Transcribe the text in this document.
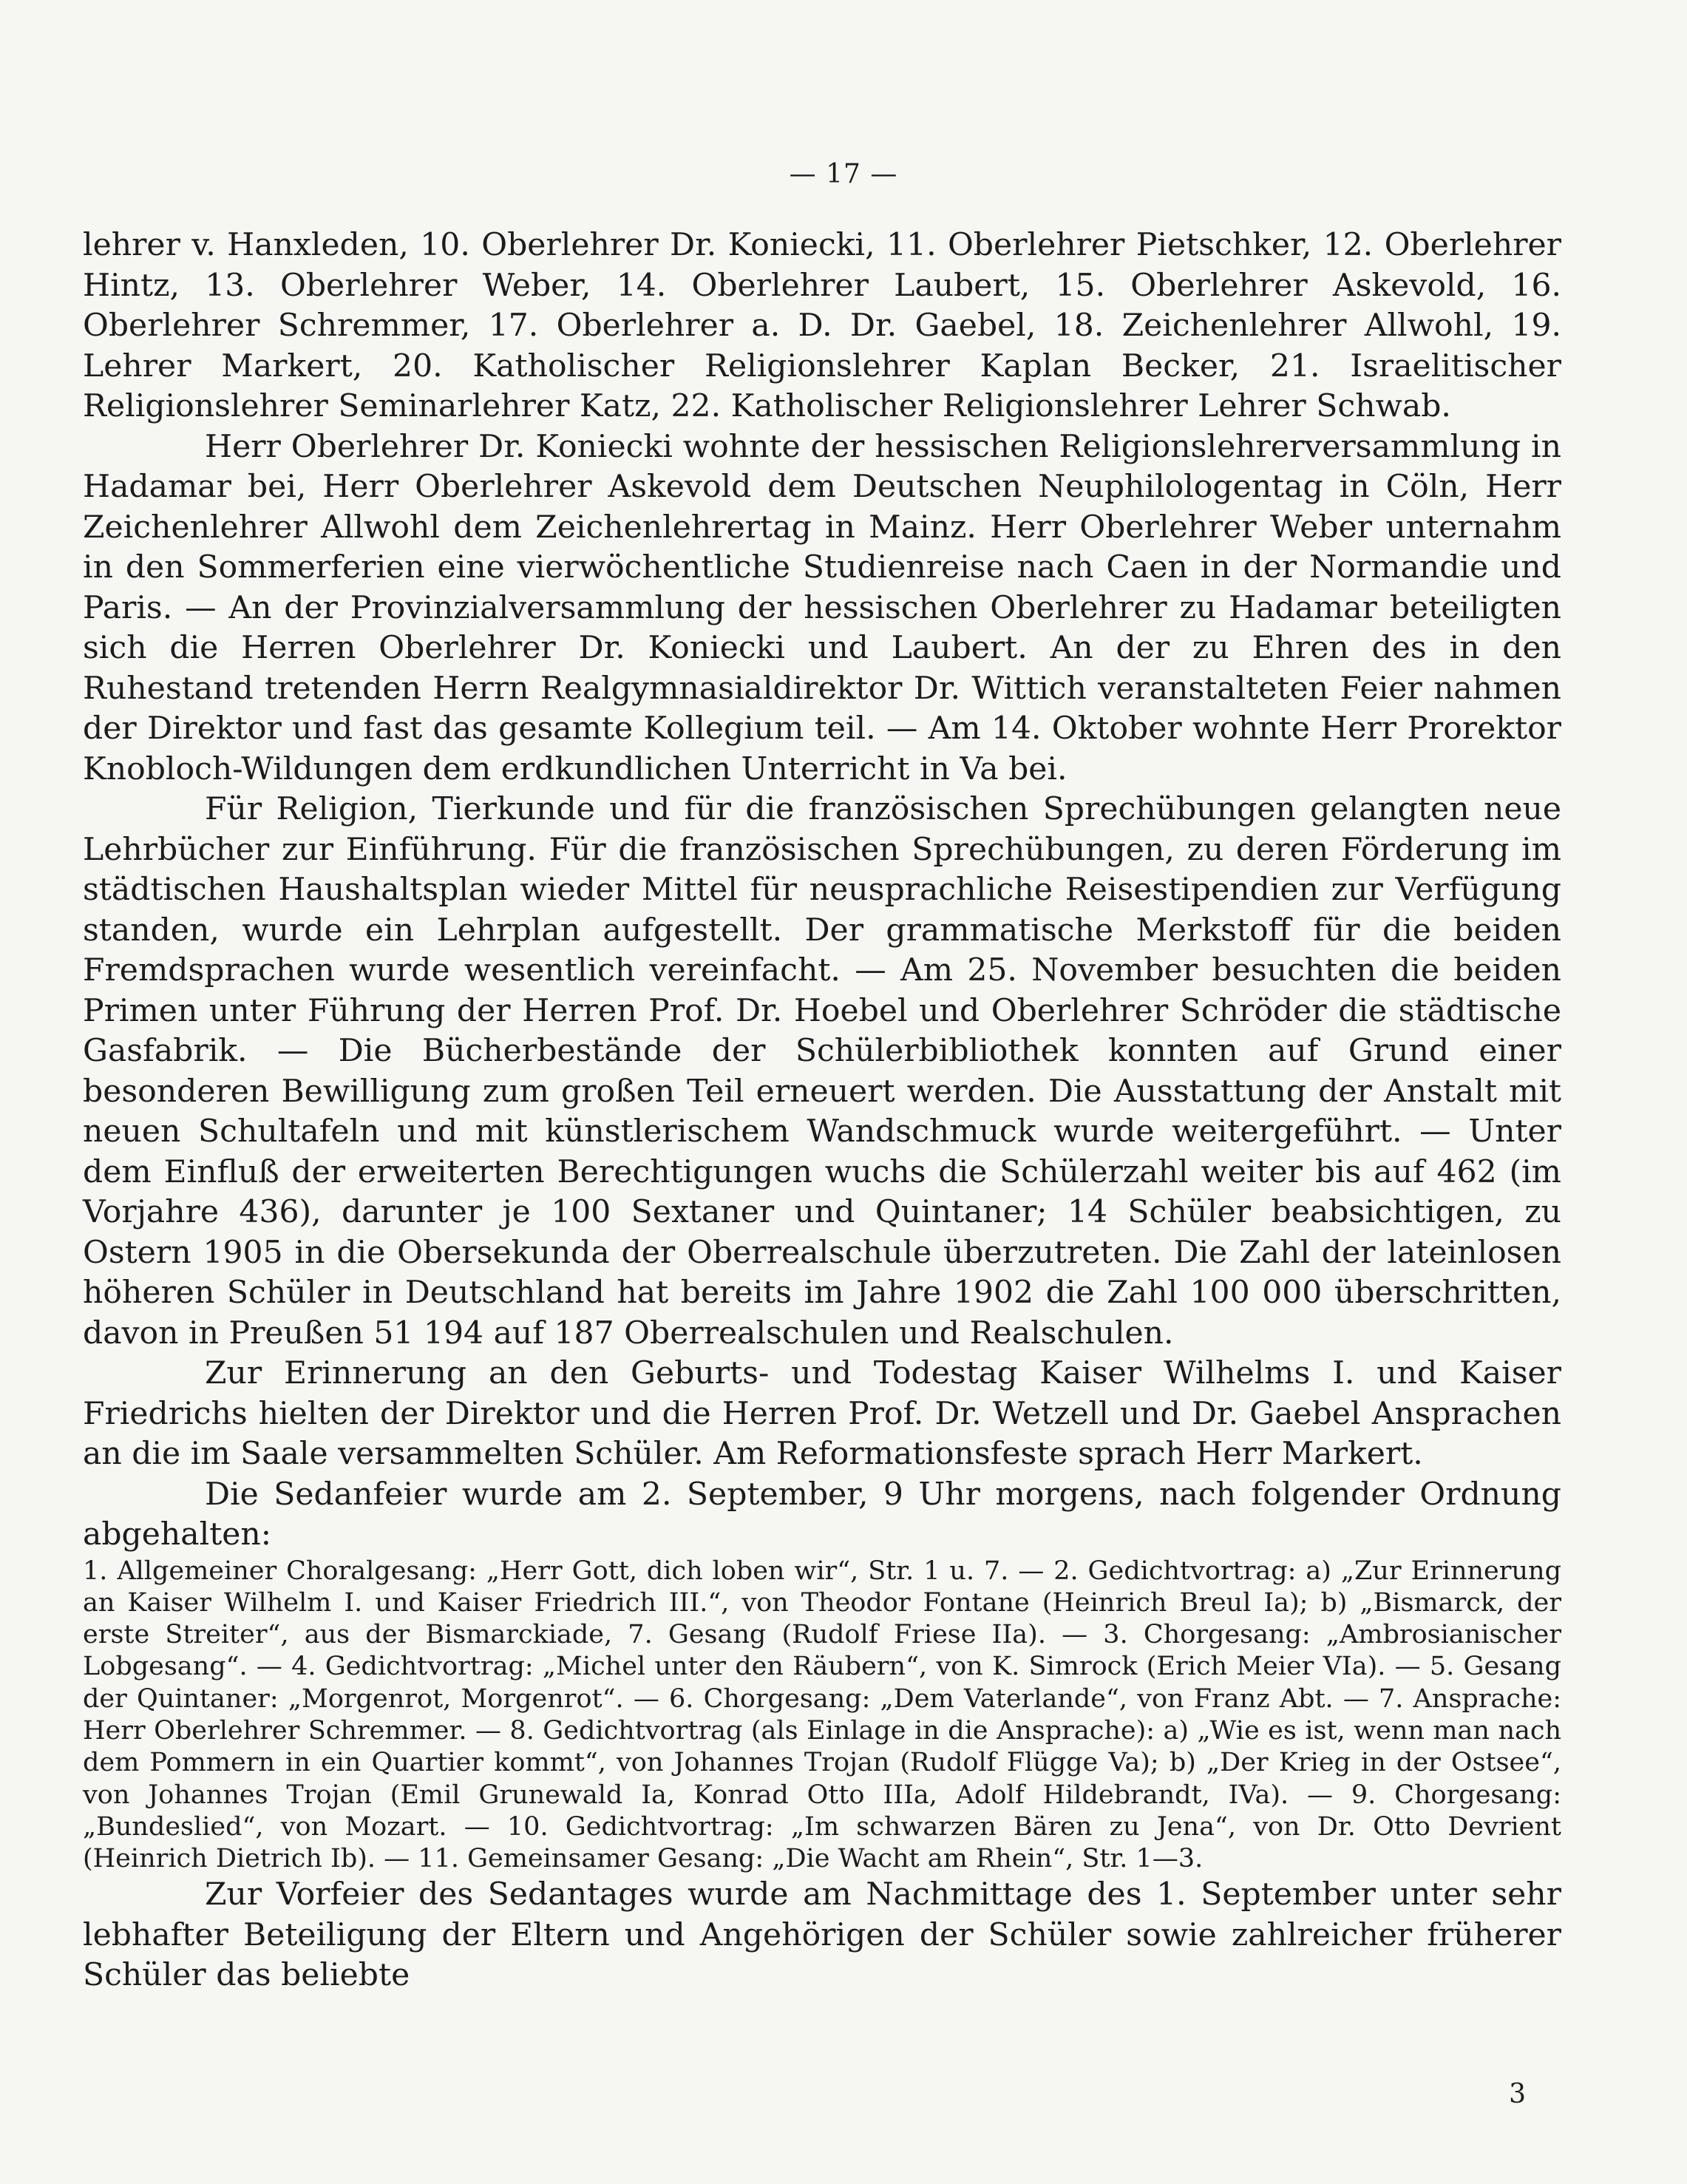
— 17 —

lehrer v. Hanxleden, 10. Oberlehrer Dr. Koniecki, 11. Oberlehrer Pietschker, 12. Oberlehrer Hintz, 13. Oberlehrer Weber, 14. Oberlehrer Laubert, 15. Oberlehrer Askevold, 16. Oberlehrer Schremmer, 17. Oberlehrer a. D. Dr. Gaebel, 18. Zeichenlehrer Allwohl, 19. Lehrer Markert, 20. Katholischer Religionslehrer Kaplan Becker, 21. Israelitischer Religionslehrer Seminarlehrer Katz, 22. Katholischer Religionslehrer Lehrer Schwab.

Herr Oberlehrer Dr. Koniecki wohnte der hessischen Religionslehrerversammlung in Hadamar bei, Herr Oberlehrer Askevold dem Deutschen Neuphilologentag in Cöln, Herr Zeichenlehrer Allwohl dem Zeichenlehrertag in Mainz. Herr Oberlehrer Weber unternahm in den Sommerferien eine vierwöchentliche Studienreise nach Caen in der Normandie und Paris. — An der Provinzialversammlung der hessischen Oberlehrer zu Hadamar beteiligten sich die Herren Oberlehrer Dr. Koniecki und Laubert. An der zu Ehren des in den Ruhestand tretenden Herrn Realgymnasialdirektor Dr. Wittich veranstalteten Feier nahmen der Direktor und fast das gesamte Kollegium teil. — Am 14. Oktober wohnte Herr Prorektor Knobloch-Wildungen dem erdkundlichen Unterricht in Va bei.

Für Religion, Tierkunde und für die französischen Sprechübungen gelangten neue Lehrbücher zur Einführung. Für die französischen Sprechübungen, zu deren Förderung im städtischen Haushaltsplan wieder Mittel für neusprachliche Reisestipendien zur Verfügung standen, wurde ein Lehrplan aufgestellt. Der grammatische Merkstoff für die beiden Fremdsprachen wurde wesentlich vereinfacht. — Am 25. November besuchten die beiden Primen unter Führung der Herren Prof. Dr. Hoebel und Oberlehrer Schröder die städtische Gasfabrik. — Die Bücherbestände der Schülerbibliothek konnten auf Grund einer besonderen Bewilligung zum großen Teil erneuert werden. Die Ausstattung der Anstalt mit neuen Schultafeln und mit künstlerischem Wandschmuck wurde weitergeführt. — Unter dem Einfluß der erweiterten Berechtigungen wuchs die Schülerzahl weiter bis auf 462 (im Vorjahre 436), darunter je 100 Sextaner und Quintaner; 14 Schüler beabsichtigen, zu Ostern 1905 in die Obersekunda der Oberrealschule überzutreten. Die Zahl der lateinlosen höheren Schüler in Deutschland hat bereits im Jahre 1902 die Zahl 100 000 überschritten, davon in Preußen 51 194 auf 187 Oberrealschulen und Realschulen.

Zur Erinnerung an den Geburts- und Todestag Kaiser Wilhelms I. und Kaiser Friedrichs hielten der Direktor und die Herren Prof. Dr. Wetzell und Dr. Gaebel Ansprachen an die im Saale versammelten Schüler. Am Reformationsfeste sprach Herr Markert.

Die Sedanfeier wurde am 2. September, 9 Uhr morgens, nach folgender Ordnung abgehalten:

1. Allgemeiner Choralgesang: „Herr Gott, dich loben wir“, Str. 1 u. 7. — 2. Gedichtvortrag: a) „Zur Erinnerung an Kaiser Wilhelm I. und Kaiser Friedrich III.“, von Theodor Fontane (Heinrich Breul Ia); b) „Bismarck, der erste Streiter“, aus der Bismarckiade, 7. Gesang (Rudolf Friese IIa). — 3. Chorgesang: „Ambrosianischer Lobgesang“. — 4. Gedichtvortrag: „Michel unter den Räubern“, von K. Simrock (Erich Meier VIa). — 5. Gesang der Quintaner: „Morgenrot, Morgenrot“. — 6. Chorgesang: „Dem Vaterlande“, von Franz Abt. — 7. Ansprache: Herr Oberlehrer Schremmer. — 8. Gedichtvortrag (als Einlage in die Ansprache): a) „Wie es ist, wenn man nach dem Pommern in ein Quartier kommt“, von Johannes Trojan (Rudolf Flügge Va); b) „Der Krieg in der Ostsee“, von Johannes Trojan (Emil Grunewald Ia, Konrad Otto IIIa, Adolf Hildebrandt, IVa). — 9. Chorgesang: „Bundeslied“, von Mozart. — 10. Gedichtvortrag: „Im schwarzen Bären zu Jena“, von Dr. Otto Devrient (Heinrich Dietrich Ib). — 11. Gemeinsamer Gesang: „Die Wacht am Rhein“, Str. 1—3.

Zur Vorfeier des Sedantages wurde am Nachmittage des 1. September unter sehr lebhafter Beteiligung der Eltern und Angehörigen der Schüler sowie zahlreicher früherer Schüler das beliebte

3
